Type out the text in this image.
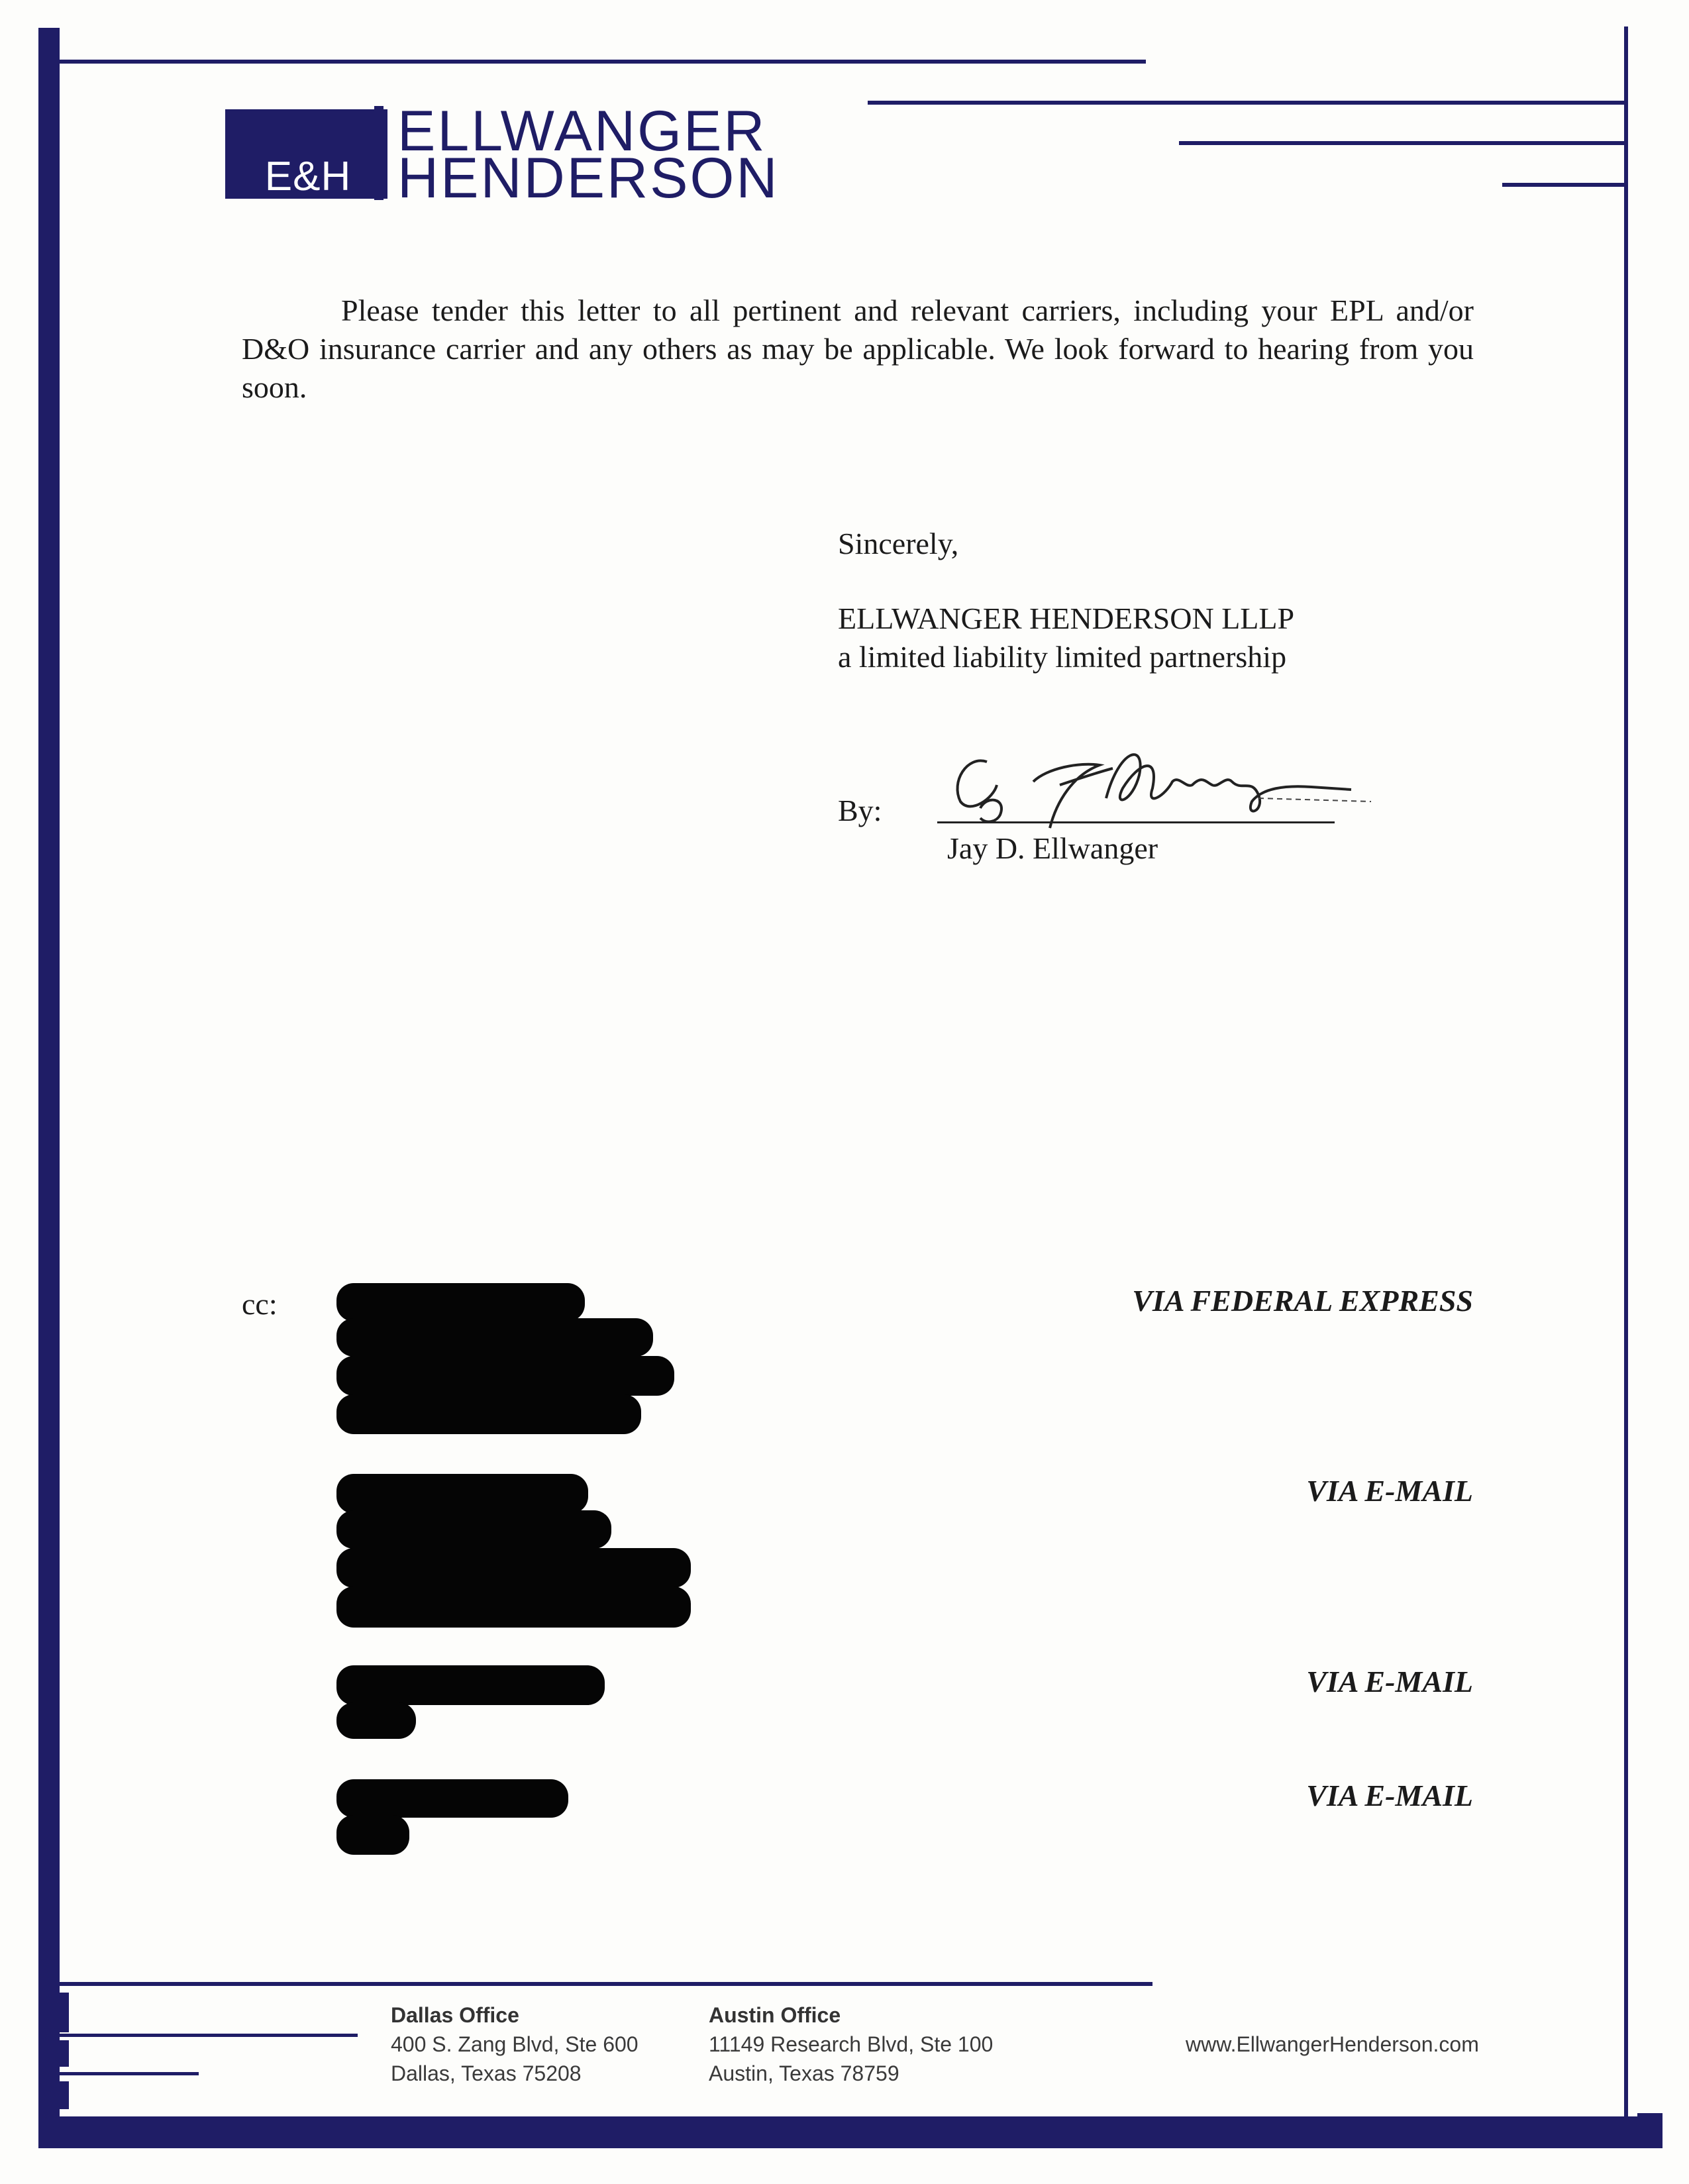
E&H
ELLWANGER
HENDERSON
Please tender this letter to all pertinent and relevant carriers, including your EPL and/or D&O insurance carrier and any others as may be applicable. We look forward to hearing from you soon.
Sincerely,
ELLWANGER HENDERSON LLLP
a limited liability limited partnership
By:
Jay D. Ellwanger
cc:	VIA FEDERAL EXPRESS
VIA E-MAIL
VIA E-MAIL
VIA E-MAIL
Dallas Office
400 S. Zang Blvd, Ste 600
Dallas, Texas 75208
Austin Office
11149 Research Blvd, Ste 100
Austin, Texas 78759
www.EllwangerHenderson.com
